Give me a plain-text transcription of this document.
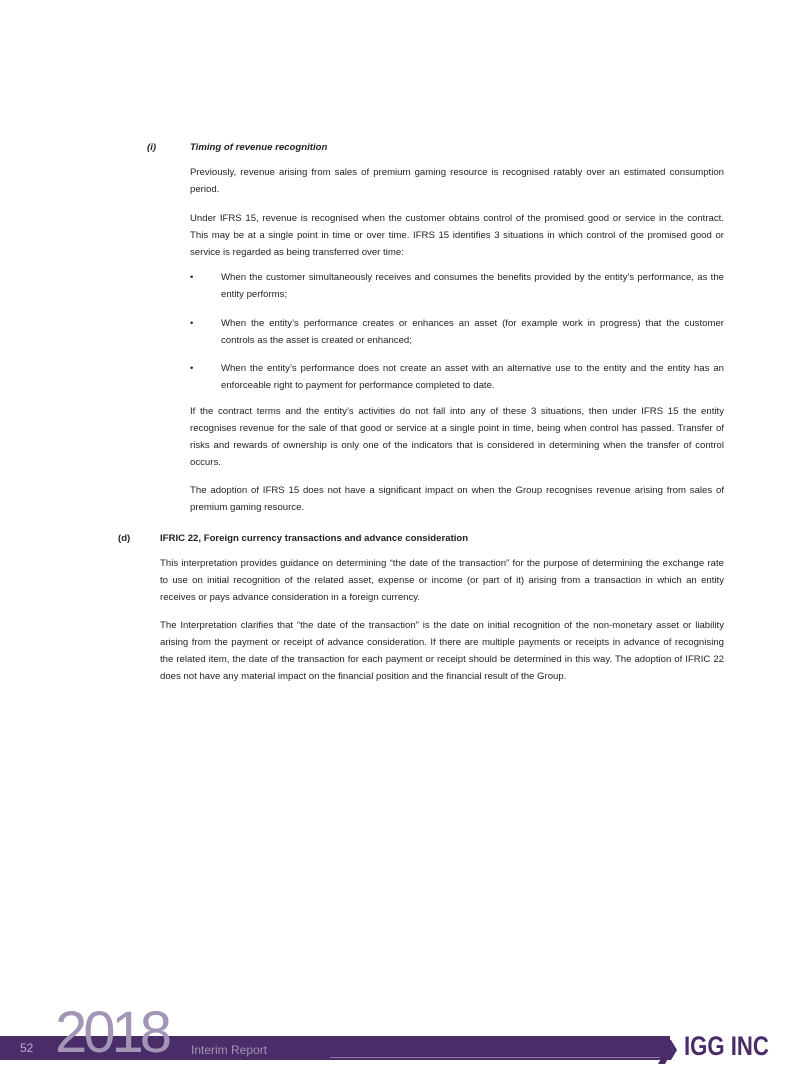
(i)	Timing of revenue recognition
Previously, revenue arising from sales of premium gaming resource is recognised ratably over an estimated consumption period.
Under IFRS 15, revenue is recognised when the customer obtains control of the promised good or service in the contract. This may be at a single point in time or over time. IFRS 15 identifies 3 situations in which control of the promised good or service is regarded as being transferred over time:
•	When the customer simultaneously receives and consumes the benefits provided by the entity’s performance, as the entity performs;
•	When the entity’s performance creates or enhances an asset (for example work in progress) that the customer controls as the asset is created or enhanced;
•	When the entity’s performance does not create an asset with an alternative use to the entity and the entity has an enforceable right to payment for performance completed to date.
If the contract terms and the entity’s activities do not fall into any of these 3 situations, then under IFRS 15 the entity recognises revenue for the sale of that good or service at a single point in time, being when control has passed. Transfer of risks and rewards of ownership is only one of the indicators that is considered in determining when the transfer of control occurs.
The adoption of IFRS 15 does not have a significant impact on when the Group recognises revenue arising from sales of premium gaming resource.
(d)	IFRIC 22, Foreign currency transactions and advance consideration
This interpretation provides guidance on determining “the date of the transaction” for the purpose of determining the exchange rate to use on initial recognition of the related asset, expense or income (or part of it) arising from a transaction in which an entity receives or pays advance consideration in a foreign currency.
The Interpretation clarifies that “the date of the transaction” is the date on initial recognition of the non-monetary asset or liability arising from the payment or receipt of advance consideration. If there are multiple payments or receipts in advance of recognising the related item, the date of the transaction for each payment or receipt should be determined in this way. The adoption of IFRIC 22 does not have any material impact on the financial position and the financial result of the Group.
2018
52	Interim Report	IGG INC
